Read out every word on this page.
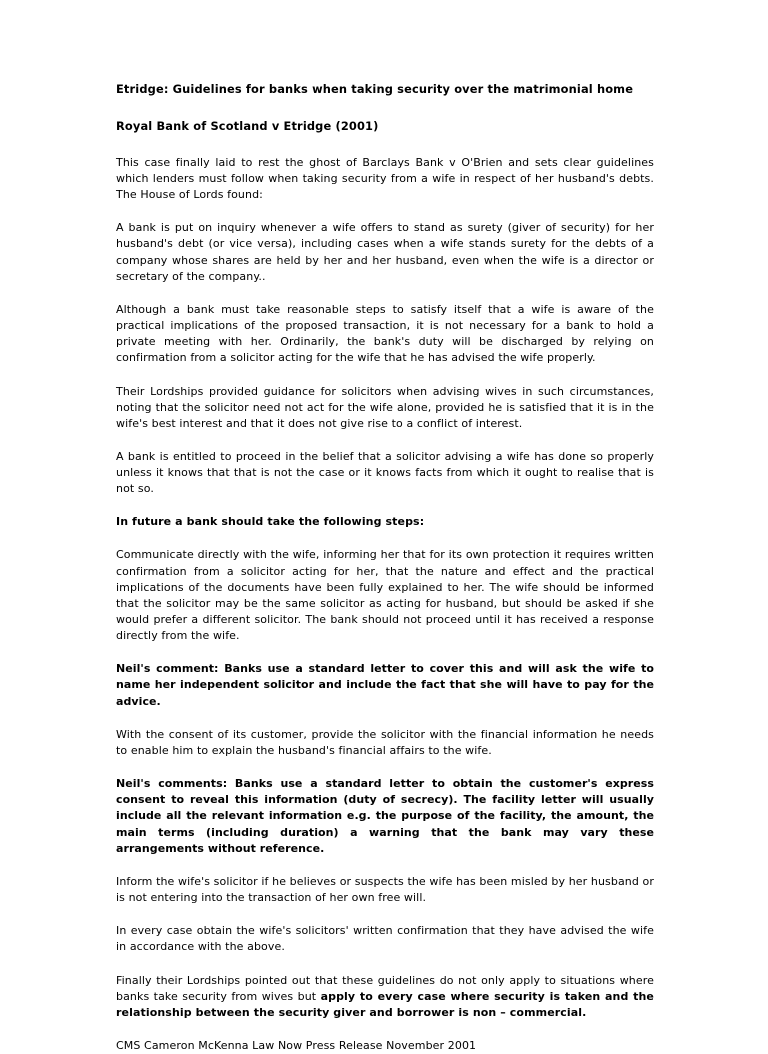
Etridge: Guidelines for banks when taking security over the matrimonial home
Royal Bank of Scotland v Etridge (2001)

This case finally laid to rest the ghost of Barclays Bank v O'Brien and sets clear guidelines which lenders must follow when taking security from a wife in respect of her husband's debts. The House of Lords found:

A bank is put on inquiry whenever a wife offers to stand as surety (giver of security) for her husband's debt (or vice versa), including cases when a wife stands surety for the debts of a company whose shares are held by her and her husband, even when the wife is a director or secretary of the company..

Although a bank must take reasonable steps to satisfy itself that a wife is aware of the practical implications of the proposed transaction, it is not necessary for a bank to hold a private meeting with her. Ordinarily, the bank's duty will be discharged by relying on confirmation from a solicitor acting for the wife that he has advised the wife properly.

Their Lordships provided guidance for solicitors when advising wives in such circumstances, noting that the solicitor need not act for the wife alone, provided he is satisfied that it is in the wife's best interest and that it does not give rise to a conflict of interest.

A bank is entitled to proceed in the belief that a solicitor advising a wife has done so properly unless it knows that that is not the case or it knows facts from which it ought to realise that is not so.

In future a bank should take the following steps:

Communicate directly with the wife, informing her that for its own protection it requires written confirmation from a solicitor acting for her, that the nature and effect and the practical implications of the documents have been fully explained to her. The wife should be informed that the solicitor may be the same solicitor as acting for husband, but should be asked if she would prefer a different solicitor. The bank should not proceed until it has received a response directly from the wife.

Neil's comment: Banks use a standard letter to cover this and will ask the wife to name her independent solicitor and include the fact that she will have to pay for the advice.

With the consent of its customer, provide the solicitor with the financial information he needs to enable him to explain the husband's financial affairs to the wife.

Neil's comments: Banks use a standard letter to obtain the customer's express consent to reveal this information (duty of secrecy). The facility letter will usually include all the relevant information e.g. the purpose of the facility, the amount, the main terms (including duration) a warning that the bank may vary these arrangements without reference.

Inform the wife's solicitor if he believes or suspects the wife has been misled by her husband or is not entering into the transaction of her own free will.

In every case obtain the wife's solicitors' written confirmation that they have advised the wife in accordance with the above.

Finally their Lordships pointed out that these guidelines do not only apply to situations where banks take security from wives but apply to every case where security is taken and the relationship between the security giver and borrower is non – commercial.

CMS Cameron McKenna Law Now Press Release November 2001
